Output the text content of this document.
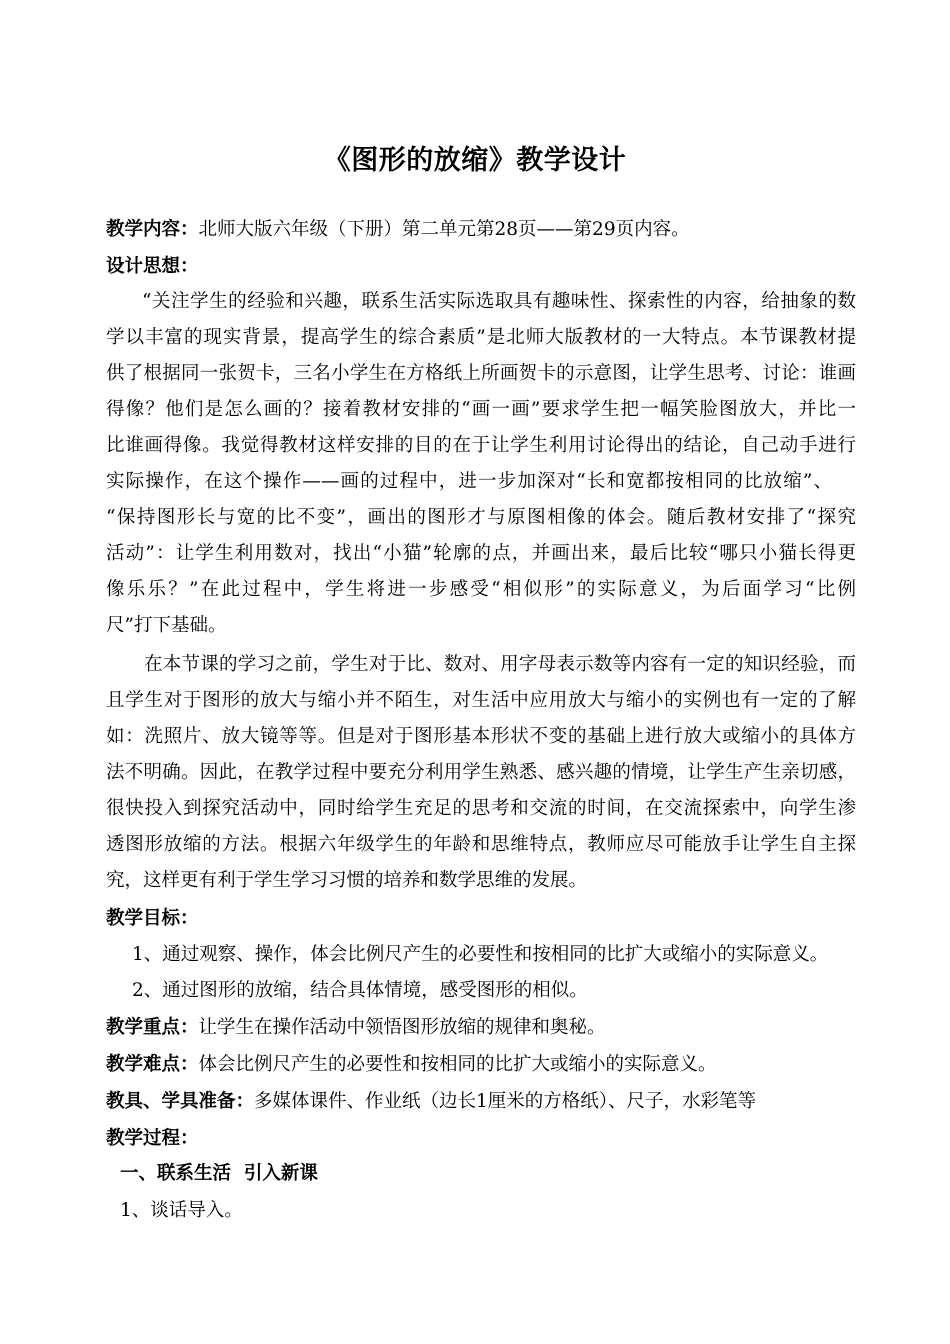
《图形的放缩》教学设计
教学内容：北师大版六年级（下册）第二单元第28页——第29页内容。
设计思想：
“关注学生的经验和兴趣，联系生活实际选取具有趣味性、探索性的内容，给抽象的数
学以丰富的现实背景，提高学生的综合素质”是北师大版教材的一大特点。本节课教材提
供了根据同一张贺卡，三名小学生在方格纸上所画贺卡的示意图，让学生思考、讨论：谁画
得像？他们是怎么画的？接着教材安排的“画一画”要求学生把一幅笑脸图放大，并比一
比谁画得像。我觉得教材这样安排的目的在于让学生利用讨论得出的结论，自己动手进行
实际操作，在这个操作——画的过程中，进一步加深对“长和宽都按相同的比放缩”、
“保持图形长与宽的比不变”，画出的图形才与原图相像的体会。随后教材安排了“探究
活动”：让学生利用数对，找出“小猫”轮廓的点，并画出来，最后比较“哪只小猫长得更
像乐乐？”在此过程中，学生将进一步感受“相似形”的实际意义，为后面学习“比例
尺”打下基础。
在本节课的学习之前，学生对于比、数对、用字母表示数等内容有一定的知识经验，而
且学生对于图形的放大与缩小并不陌生，对生活中应用放大与缩小的实例也有一定的了解
如：洗照片、放大镜等等。但是对于图形基本形状不变的基础上进行放大或缩小的具体方
法不明确。因此，在教学过程中要充分利用学生熟悉、感兴趣的情境，让学生产生亲切感，
很快投入到探究活动中，同时给学生充足的思考和交流的时间，在交流探索中，向学生渗
透图形放缩的方法。根据六年级学生的年龄和思维特点，教师应尽可能放手让学生自主探
究，这样更有利于学生学习习惯的培养和数学思维的发展。
教学目标：
1、通过观察、操作，体会比例尺产生的必要性和按相同的比扩大或缩小的实际意义。
2、通过图形的放缩，结合具体情境，感受图形的相似。
教学重点：让学生在操作活动中领悟图形放缩的规律和奥秘。
教学难点：体会比例尺产生的必要性和按相同的比扩大或缩小的实际意义。
教具、学具准备：多媒体课件、作业纸（边长1厘米的方格纸）、尺子，水彩笔等
教学过程：
一、联系生活  引入新课
1、谈话导入。
